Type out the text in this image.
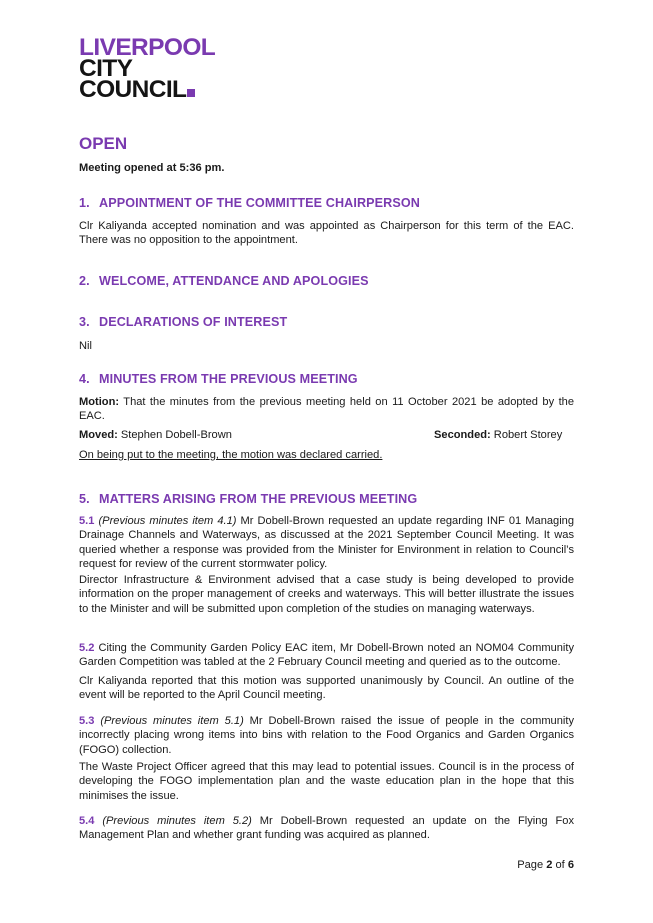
LIVERPOOL
CITY
COUNCIL
OPEN
Meeting opened at 5:36 pm.
1. APPOINTMENT OF THE COMMITTEE CHAIRPERSON
Clr Kaliyanda accepted nomination and was appointed as Chairperson for this term of the EAC. There was no opposition to the appointment.
2. WELCOME, ATTENDANCE AND APOLOGIES
3. DECLARATIONS OF INTEREST
Nil
4. MINUTES FROM THE PREVIOUS MEETING
Motion: That the minutes from the previous meeting held on 11 October 2021 be adopted by the EAC.
Moved: Stephen Dobell-Brown	Seconded: Robert Storey
On being put to the meeting, the motion was declared carried.
5. MATTERS ARISING FROM THE PREVIOUS MEETING
5.1 (Previous minutes item 4.1) Mr Dobell-Brown requested an update regarding INF 01 Managing Drainage Channels and Waterways, as discussed at the 2021 September Council Meeting. It was queried whether a response was provided from the Minister for Environment in relation to Council’s request for review of the current stormwater policy.
Director Infrastructure & Environment advised that a case study is being developed to provide information on the proper management of creeks and waterways. This will better illustrate the issues to the Minister and will be submitted upon completion of the studies on managing waterways.
5.2 Citing the Community Garden Policy EAC item, Mr Dobell-Brown noted an NOM04 Community Garden Competition was tabled at the 2 February Council meeting and queried as to the outcome.
Clr Kaliyanda reported that this motion was supported unanimously by Council. An outline of the event will be reported to the April Council meeting.
5.3 (Previous minutes item 5.1) Mr Dobell-Brown raised the issue of people in the community incorrectly placing wrong items into bins with relation to the Food Organics and Garden Organics (FOGO) collection.
The Waste Project Officer agreed that this may lead to potential issues. Council is in the process of developing the FOGO implementation plan and the waste education plan in the hope that this minimises the issue.
5.4 (Previous minutes item 5.2) Mr Dobell-Brown requested an update on the Flying Fox Management Plan and whether grant funding was acquired as planned.
Page 2 of 6
